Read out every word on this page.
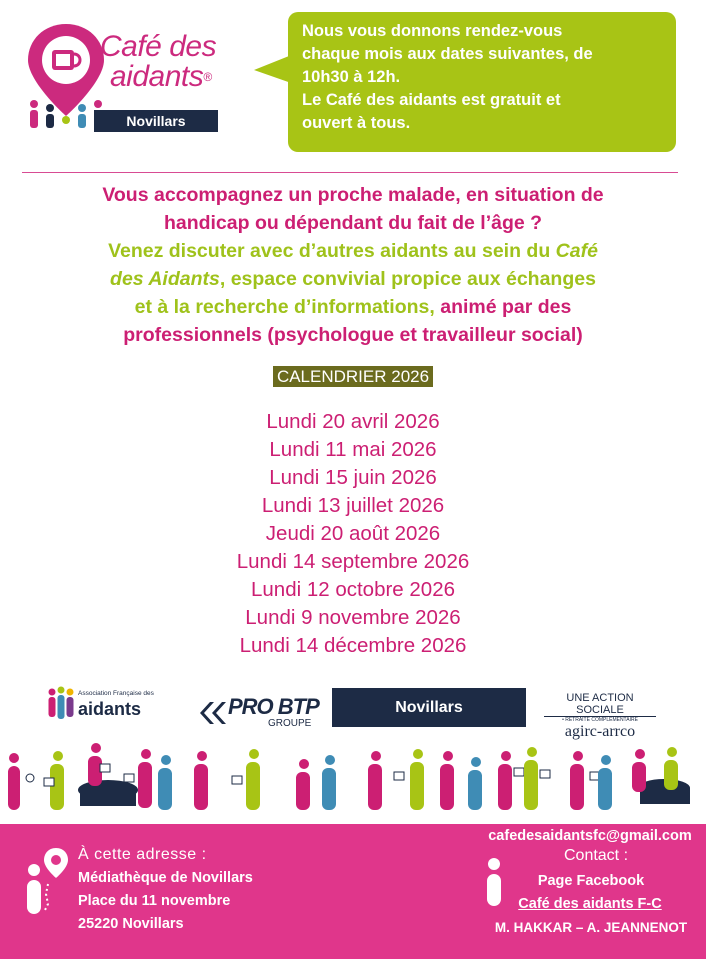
Café des
aidants®
Novillars
Nous vous donnons rendez-vous
chaque mois aux dates suivantes, de
10h30 à 12h.
Le Café des aidants est gratuit et
ouvert à tous.
Vous accompagnez un proche malade, en situation de
handicap ou dépendant du fait de l’âge ?
Venez discuter avec d’autres aidants au sein du Café
des Aidants, espace convivial propice aux échanges
et à la recherche d’informations, animé par des
professionnels (psychologue et travailleur social)
CALENDRIER 2026
Lundi 20 avril 2026
Lundi 11 mai 2026
Lundi 15 juin 2026
Lundi 13 juillet 2026
Jeudi 20 août 2026
Lundi 14 septembre 2026
Lundi 12 octobre 2026
Lundi 9 novembre 2026
Lundi 14 décembre 2026
Association Française des
aidants	PRO BTP
GROUPE
Novillars
UNE ACTION SOCIALE
• RETRAITE COMPLÉMENTAIRE
agirc-arrco
À cette adresse :
Médiathèque de Novillars
Place du 11 novembre
25220 Novillars
cafedesaidantsfc@gmail.com
Contact :
Page Facebook
Café des aidants F-C
M. HAKKAR – A. JEANNENOT
